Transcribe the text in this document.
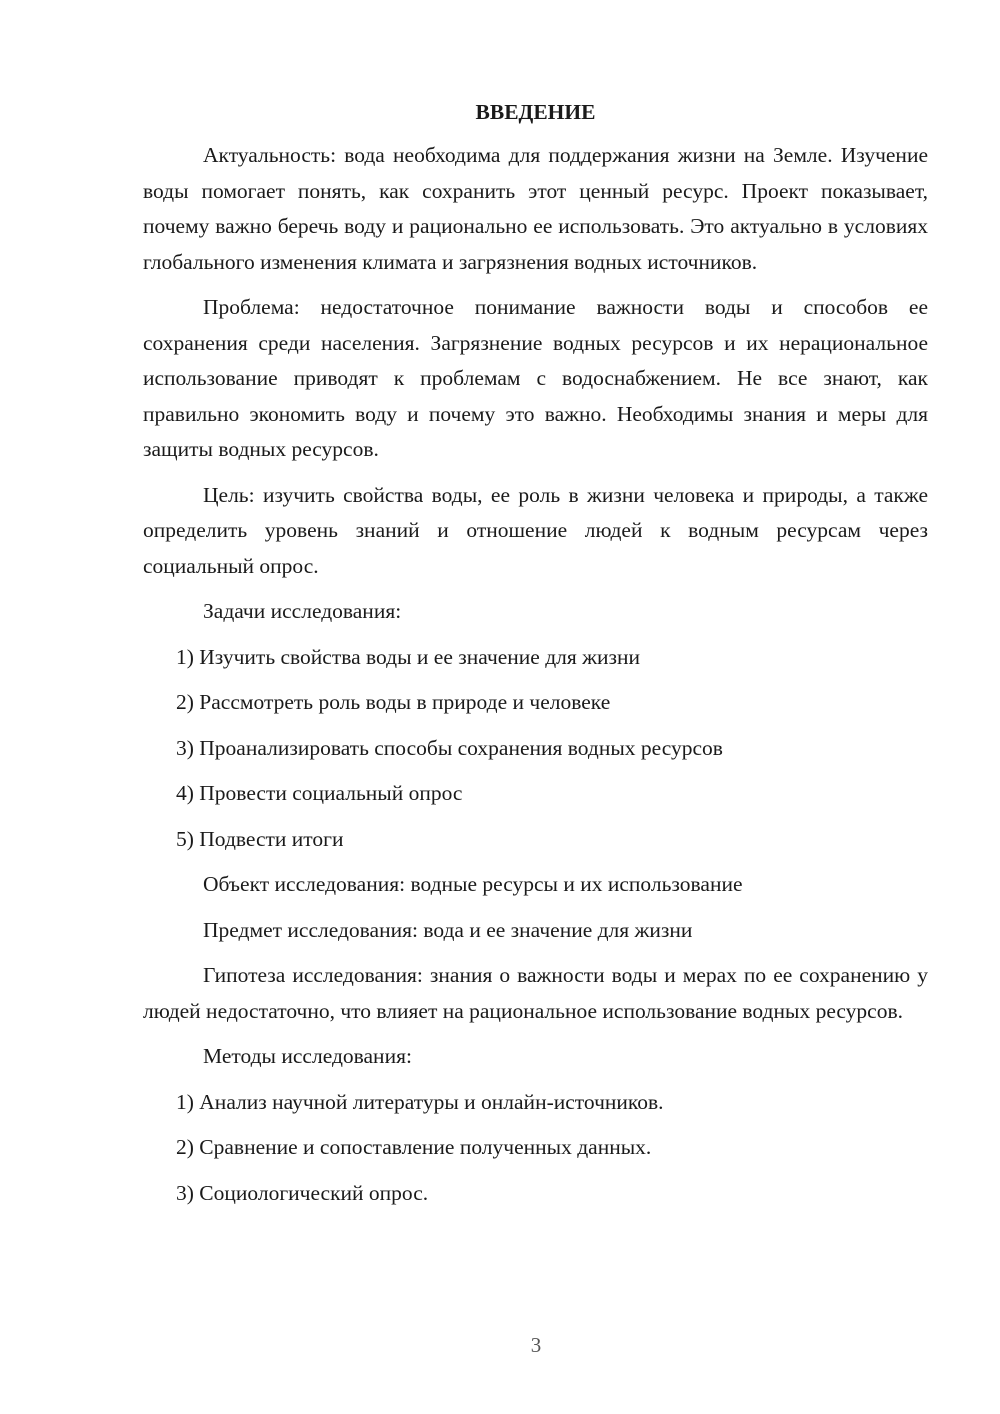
ВВЕДЕНИЕ
Актуальность: вода необходима для поддержания жизни на Земле. Изучение воды помогает понять, как сохранить этот ценный ресурс. Проект показывает, почему важно беречь воду и рационально ее использовать. Это актуально в условиях глобального изменения климата и загрязнения водных источников.
Проблема: недостаточное понимание важности воды и способов ее сохранения среди населения. Загрязнение водных ресурсов и их нерациональное использование приводят к проблемам с водоснабжением. Не все знают, как правильно экономить воду и почему это важно. Необходимы знания и меры для защиты водных ресурсов.
Цель: изучить свойства воды, ее роль в жизни человека и природы, а также определить уровень знаний и отношение людей к водным ресурсам через социальный опрос.
Задачи исследования:
1) Изучить свойства воды и ее значение для жизни
2) Рассмотреть роль воды в природе и человеке
3) Проанализировать способы сохранения водных ресурсов
4) Провести социальный опрос
5) Подвести итоги
Объект исследования: водные ресурсы и их использование
Предмет исследования: вода и ее значение для жизни
Гипотеза исследования: знания о важности воды и мерах по ее сохранению у людей недостаточно, что влияет на рациональное использование водных ресурсов.
Методы исследования:
1) Анализ научной литературы и онлайн-источников.
2) Сравнение и сопоставление полученных данных.
3) Социологический опрос.
3
